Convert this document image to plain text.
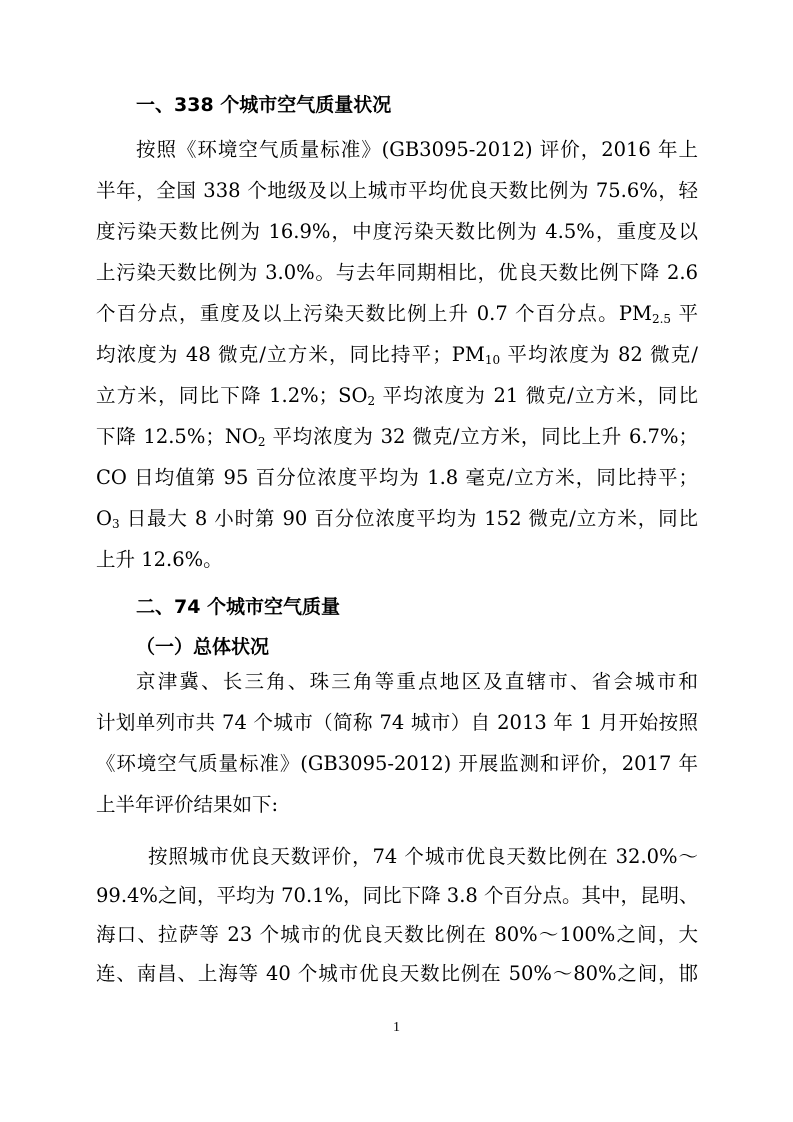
一、338 个城市空气质量状况
按照《环境空气质量标准》(GB3095-2012) 评价，2016 年上
半年，全国 338 个地级及以上城市平均优良天数比例为 75.6%，轻
度污染天数比例为 16.9%，中度污染天数比例为 4.5%，重度及以
上污染天数比例为 3.0%。与去年同期相比，优良天数比例下降 2.6
个百分点，重度及以上污染天数比例上升 0.7 个百分点。$PM_{2.5}$ 平
均浓度为 48 微克/立方米，同比持平；$PM_{10}$ 平均浓度为 82 微克/
立方米，同比下降 1.2%；$SO_2$ 平均浓度为 21 微克/立方米，同比
下降 12.5%；$NO_2$ 平均浓度为 32 微克/立方米，同比上升 6.7%；
CO 日均值第 95 百分位浓度平均为 1.8 毫克/立方米，同比持平；
$O_3$ 日最大 8 小时第 90 百分位浓度平均为 152 微克/立方米，同比
上升 12.6%。
二、74 个城市空气质量
（一）总体状况
京津冀、长三角、珠三角等重点地区及直辖市、省会城市和
计划单列市共 74 个城市（简称 74 城市）自 2013 年 1 月开始按照
《环境空气质量标准》(GB3095-2012) 开展监测和评价，2017 年
上半年评价结果如下:
按照城市优良天数评价，74 个城市优良天数比例在 32.0%～
99.4%之间，平均为 70.1%，同比下降 3.8 个百分点。其中，昆明、
海口、拉萨等 23 个城市的优良天数比例在 80%～100%之间，大
连、南昌、上海等 40 个城市优良天数比例在 50%～80%之间，邯
1
